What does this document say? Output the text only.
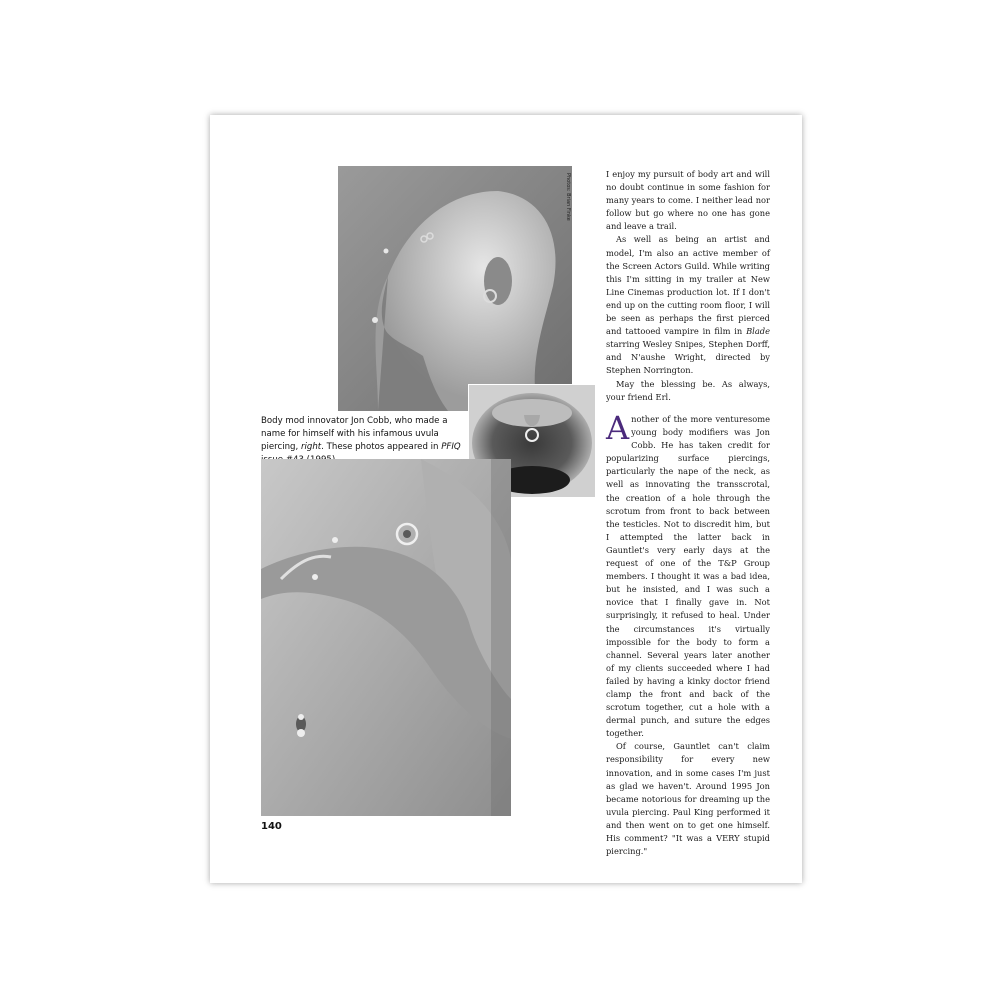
Photos: Brian Finke
Body mod innovator Jon Cobb, who made a name for himself with his infamous uvula piercing, right. These photos appeared in PFIQ
140

I enjoy my pursuit of body art and will no doubt continue in some fashion for many years to come. I neither lead nor follow but go where no one has gone and leave a trail.

As well as being an artist and model, I'm also an active member of the Screen Actors Guild. While writing this I'm sitting in my trailer at New Line Cinemas production lot. If I don't end up on the cutting room floor, I will be seen as perhaps the first pierced and tattooed vampire in film in Blade starring Wesley Snipes, Stephen Dorff, and N'aushe Wright, directed by Stephen Norrington.

May the blessing be. As always, your friend Erl.

Another of the more venturesome young body modifiers was Jon Cobb. He has taken credit for popularizing surface piercings, particularly the nape of the neck, as well as innovating the transscrotal, the creation of a hole through the scrotum from front to back between the testicles. Not to discredit him, but I attempted the latter back in Gauntlet's very early days at the request of one of the T&P Group members. I thought it was a bad idea, but he insisted, and I was such a novice that I finally gave in. Not surprisingly, it refused to heal. Under the circumstances it's virtually impossible for the body to form a channel. Several years later another of my clients succeeded where I had failed by having a kinky doctor friend clamp the front and back of the scrotum together, cut a hole with a dermal punch, and suture the edges together.

Of course, Gauntlet can't claim responsibility for every new innovation, and in some cases I'm just as glad we haven't. Around 1995 Jon became notorious for dreaming up the uvula piercing. Paul King performed it and then went on to get one himself. His comment? "It was a VERY stupid piercing."
